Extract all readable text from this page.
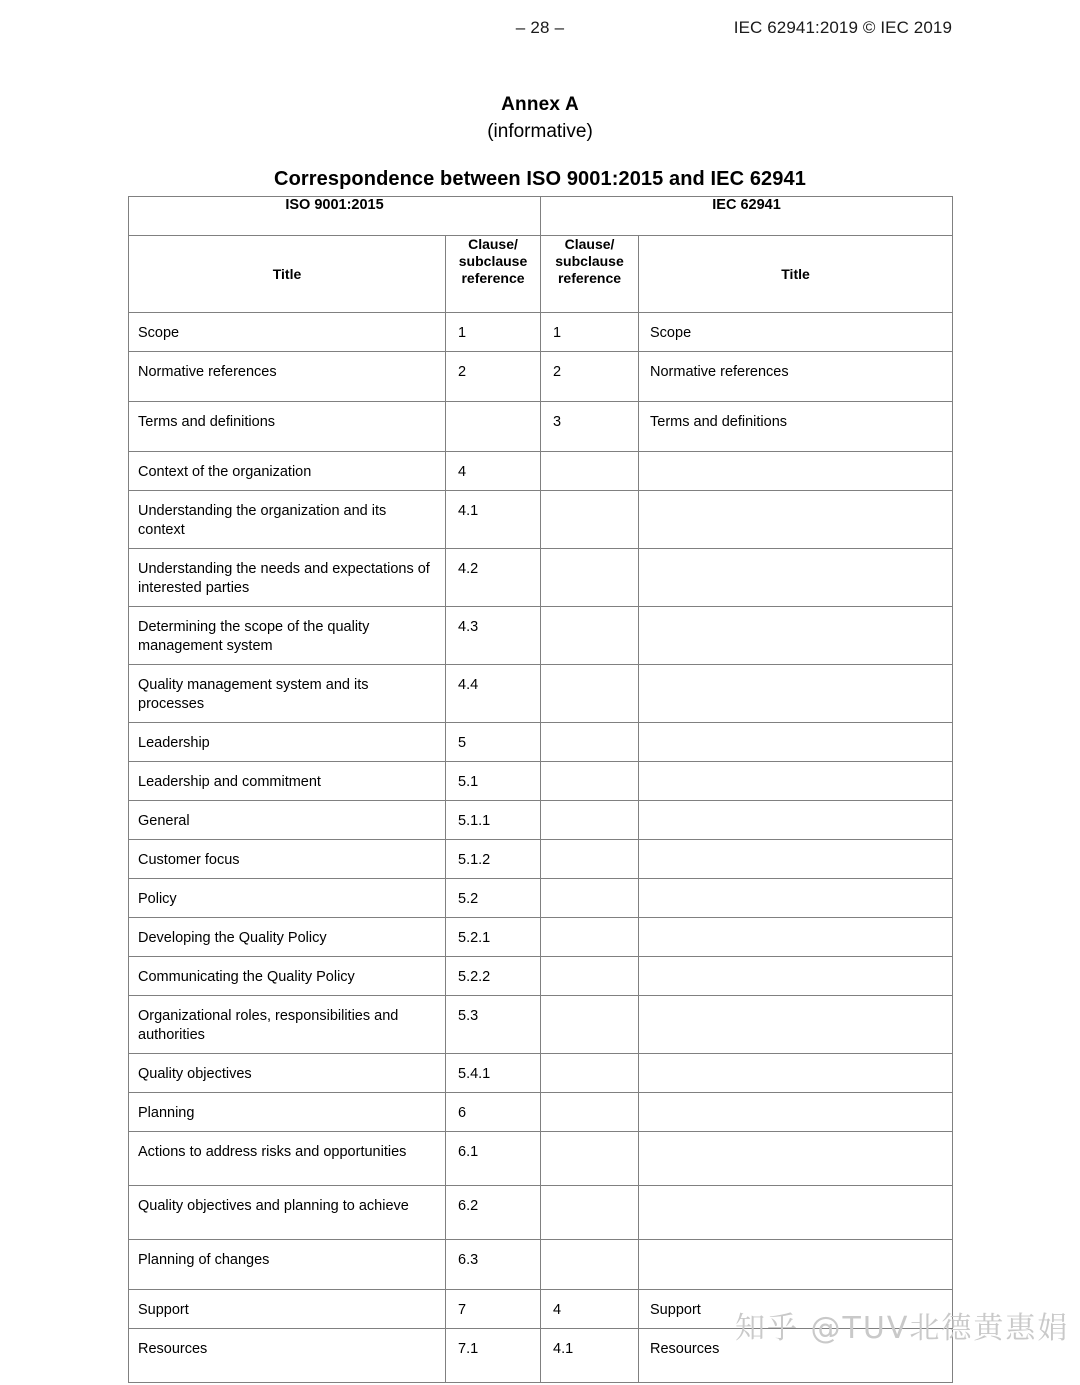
– 28 –	IEC 62941:2019 © IEC 2019
Annex A
(informative)
Correspondence between ISO 9001:2015 and IEC 62941
ISO 9001:2015		IEC 62941	
Title	Clause/
subclause
reference	Clause/
subclause
reference	Title
Scope	1	1	Scope
Normative references	2	2	Normative references
Terms and definitions		3	Terms and definitions
Context of the organization	4		
Understanding the organization and its context	4.1		
Understanding the needs and expectations of interested parties	4.2		
Determining the scope of the quality management system	4.3		
Quality management system and its processes	4.4		
Leadership	5		
Leadership and commitment	5.1		
General	5.1.1		
Customer focus	5.1.2		
Policy	5.2		
Developing the Quality Policy	5.2.1		
Communicating the Quality Policy	5.2.2		
Organizational roles, responsibilities and authorities	5.3		
Quality objectives	5.4.1		
Planning	6		
Actions to address risks and opportunities	6.1		
Quality objectives and planning to achieve	6.2		
Planning of changes	6.3		
Support	7	4	Support
Resources	7.1	4.1	Resources
知乎 @TUV北德黄惠娟
